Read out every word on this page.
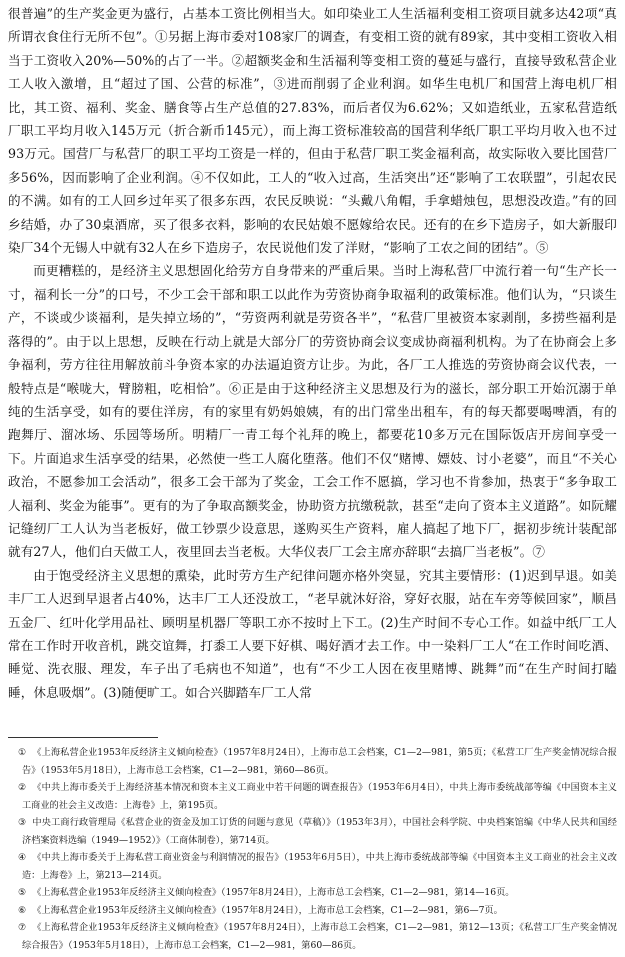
很普遍”的生产奖金更为盛行，占基本工资比例相当大。如印染业工人生活福利变相工资项目就多达42项“真所谓衣食住行无所不包”。①另据上海市委对108家厂的调查，有变相工资的就有89家，其中变相工资收入相当于工资收入20%—50%的占了一半。②超额奖金和生活福利等变相工资的蔓延与盛行，直接导致私营企业工人收入激增，且“超过了国、公营的标准”，③进而削弱了企业利润。如华生电机厂和国营上海电机厂相比，其工资、福利、奖金、膳食等占生产总值的27.83%，而后者仅为6.62%；又如造纸业，五家私营造纸厂职工平均月收入145万元（折合新币145元），而上海工资标准较高的国营利华纸厂职工平均月收入也不过93万元。国营厂与私营厂的职工平均工资是一样的，但由于私营厂职工奖金福利高，故实际收入要比国营厂多56%，因而影响了企业利润。④不仅如此，工人的“收入过高，生活突出”还“影响了工农联盟”，引起农民的不满。如有的工人回乡过年买了很多东西，农民反映说：“头戴八角帽，手拿蜡烛包，思想没改造。”有的回乡结婚，办了30桌酒席，买了很多衣料，影响的农民姑娘不愿嫁给农民。还有的在乡下造房子，如大新服印染厂34个无锡人中就有32人在乡下造房子，农民说他们发了洋财，“影响了工农之间的团结”。⑤

而更糟糕的，是经济主义思想固化给劳方自身带来的严重后果。当时上海私营厂中流行着一句“生产长一寸，福利长一分”的口号，不少工会干部和职工以此作为劳资协商争取福利的政策标准。他们认为，“只谈生产，不谈或少谈福利，是失掉立场的”，“劳资两利就是劳资各半”，“私营厂里被资本家剥削，多捞些福利是落得的”。由于以上思想，反映在行动上就是大部分厂的劳资协商会议变成协商福利机构。为了在协商会上多争福利，劳方往往用解放前斗争资本家的办法逼迫资方让步。为此，各厂工人推选的劳资协商会议代表，一般特点是“喉咙大，臂膀粗，吃相恰”。⑥正是由于这种经济主义思想及行为的滋长，部分职工开始沉溺于单纯的生活享受，如有的要住洋房，有的家里有奶妈娘姨，有的出门常坐出租车，有的每天都要喝啤酒，有的跑舞厅、溜冰场、乐园等场所。明精厂一青工每个礼拜的晚上，都要花10多万元在国际饭店开房间享受一下。片面追求生活享受的结果，必然使一些工人腐化堕落。他们不仅“赌博、嫖妓、讨小老婆”，而且“不关心政治，不愿参加工会活动”，很多工会干部为了奖金，工会工作不愿搞，学习也不肯参加，热衷于“多争取工人福利、奖金为能事”。更有的为了争取高额奖金，协助资方抗缴税款，甚至“走向了资本主义道路”。如阮耀记缝纫厂工人认为当老板好，做工钞票少设意思，遂购买生产资料，雇人搞起了地下厂，据初步统计装配部就有27人，他们白天做工人，夜里回去当老板。大华仪表厂工会主席亦辞职“去搞厂当老板”。⑦

由于饱受经济主义思想的熏染，此时劳方生产纪律问题亦格外突显，究其主要情形：(1)迟到早退。如美丰厂工人迟到早退者占40%，达丰厂工人还没放工，“老早就沐好浴，穿好衣服，站在车旁等候回家”，顺昌五金厂、红叶化学用品社、顾明星机器厂等职工亦不按时上下工。(2)生产时间不专心工作。如益中纸厂工人常在工作时开收音机，跳交谊舞，打黍工人要下好棋、喝好酒才去工作。中一染料厂工人“在工作时间吃酒、睡觉、洗衣服、理发，车子出了毛病也不知道”，也有“不少工人因在夜里赌博、跳舞”而“在生产时间打瞌睡，休息吸烟”。(3)随便旷工。如合兴脚踏车厂工人常

① 《上海私营企业1953年反经济主义倾向检查》（1957年8月24日），上海市总工会档案，C1—2—981，第5页；《私营工厂生产奖金情况综合报告》（1953年5月18日），上海市总工会档案，C1—2—981，第60—86页。

② 《中共上海市委关于上海经济基本情况和资本主义工商业中若干问题的调查报告》（1953年6月4日），中共上海市委统战部等编《中国资本主义工商业的社会主义改造：上海卷》上，第195页。

③ 中央工商行政管理局《私营企业的资金及加工订货的问题与意见（草稿）》（1953年3月），中国社会科学院、中央档案馆编《中华人民共和国经济档案资料选编（1949—1952）》（工商体制卷），第714页。

④ 《中共上海市委关于上海私营工商业资金与利润情况的报告》（1953年6月5日），中共上海市委统战部等编《中国资本主义工商业的社会主义改造：上海卷》上，第213—214页。

⑤ 《上海私营企业1953年反经济主义倾向检查》（1957年8月24日），上海市总工会档案，C1—2—981，第14—16页。

⑥ 《上海私营企业1953年反经济主义倾向检查》（1957年8月24日），上海市总工会档案，C1—2—981，第6—7页。

⑦ 《上海私营企业1953年反经济主义倾向检查》（1957年8月24日），上海市总工会档案，C1—2—981，第12—13页；《私营工厂生产奖金情况综合报告》（1953年5月18日），上海市总工会档案，C1—2—981，第60—86页。
